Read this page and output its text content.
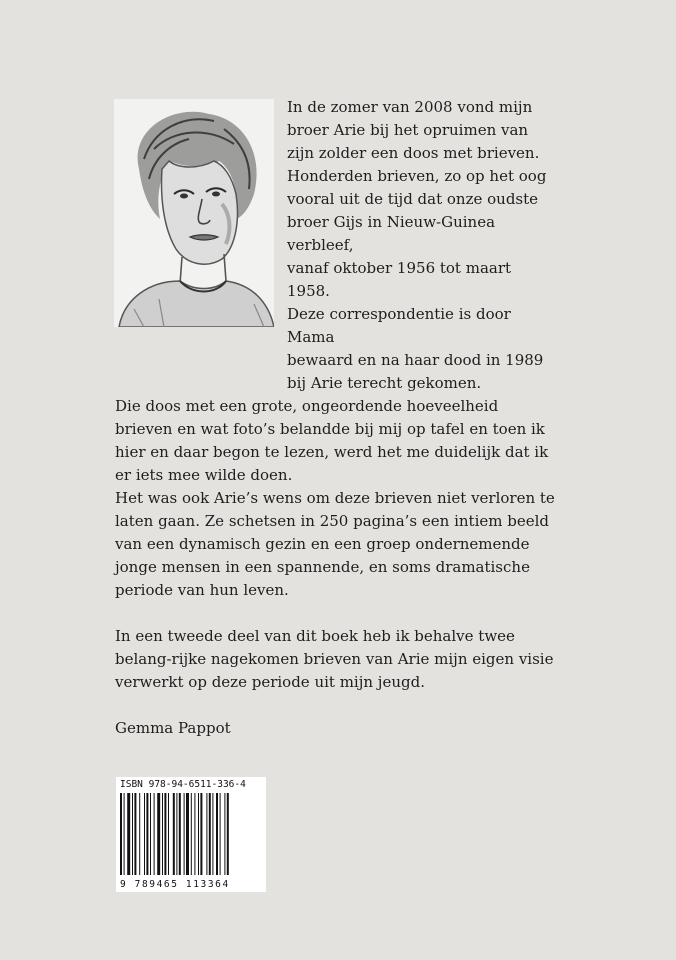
In de zomer van 2008 vond mijn

broer Arie bij het opruimen van

zijn zolder een doos met brieven.

Honderden brieven, zo op het oog

vooral uit de tijd dat onze oudste

broer Gijs in Nieuw-Guinea verbleef,

vanaf oktober 1956 tot maart 1958.

Deze correspondentie is door Mama

bewaard en na haar dood in 1989

bij Arie terecht gekomen.

Die doos met een grote, ongeordende hoeveelheid brieven en wat foto’s belandde bij mij op tafel en toen ik hier en daar begon te lezen, werd het me duidelijk dat ik er iets mee wilde doen.

Het was ook Arie’s wens om deze brieven niet verloren te laten gaan. Ze schetsen in 250 pagina’s een intiem beeld van een dynamisch gezin en een groep ondernemende jonge mensen in een spannende, en soms dramatische periode van hun leven.

In een tweede deel van dit boek heb ik behalve twee belang-rijke nagekomen brieven van Arie mijn eigen visie verwerkt op deze periode uit mijn jeugd.

Gemma Pappot

ISBN 978-94-6511-336-4
9 789465 113364
